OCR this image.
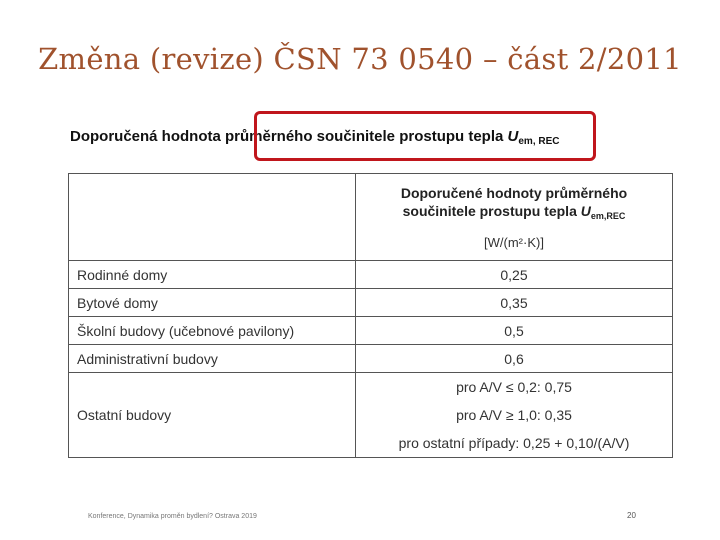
Změna (revize) ČSN 73 0540 – část 2/2011
Doporučená hodnota průměrného součinitele prostupu tepla $U_{em, REC}$

	Doporučené hodnoty průměrného
součinitele prostupu tepla $U_{em,REC}$
[W/(m²·K)]

Rodinné domy	0,25
Bytové domy	0,35
Školní budovy (učebnové pavilony)	0,5
Administrativní budovy	0,6
Ostatní budovy	pro A/V ≤ 0,2: 0,75
pro A/V ≥ 1,0: 0,35
pro ostatní případy: 0,25 + 0,10/(A/V)
Konference, Dynamika proměn bydlení? Ostrava 2019	20
